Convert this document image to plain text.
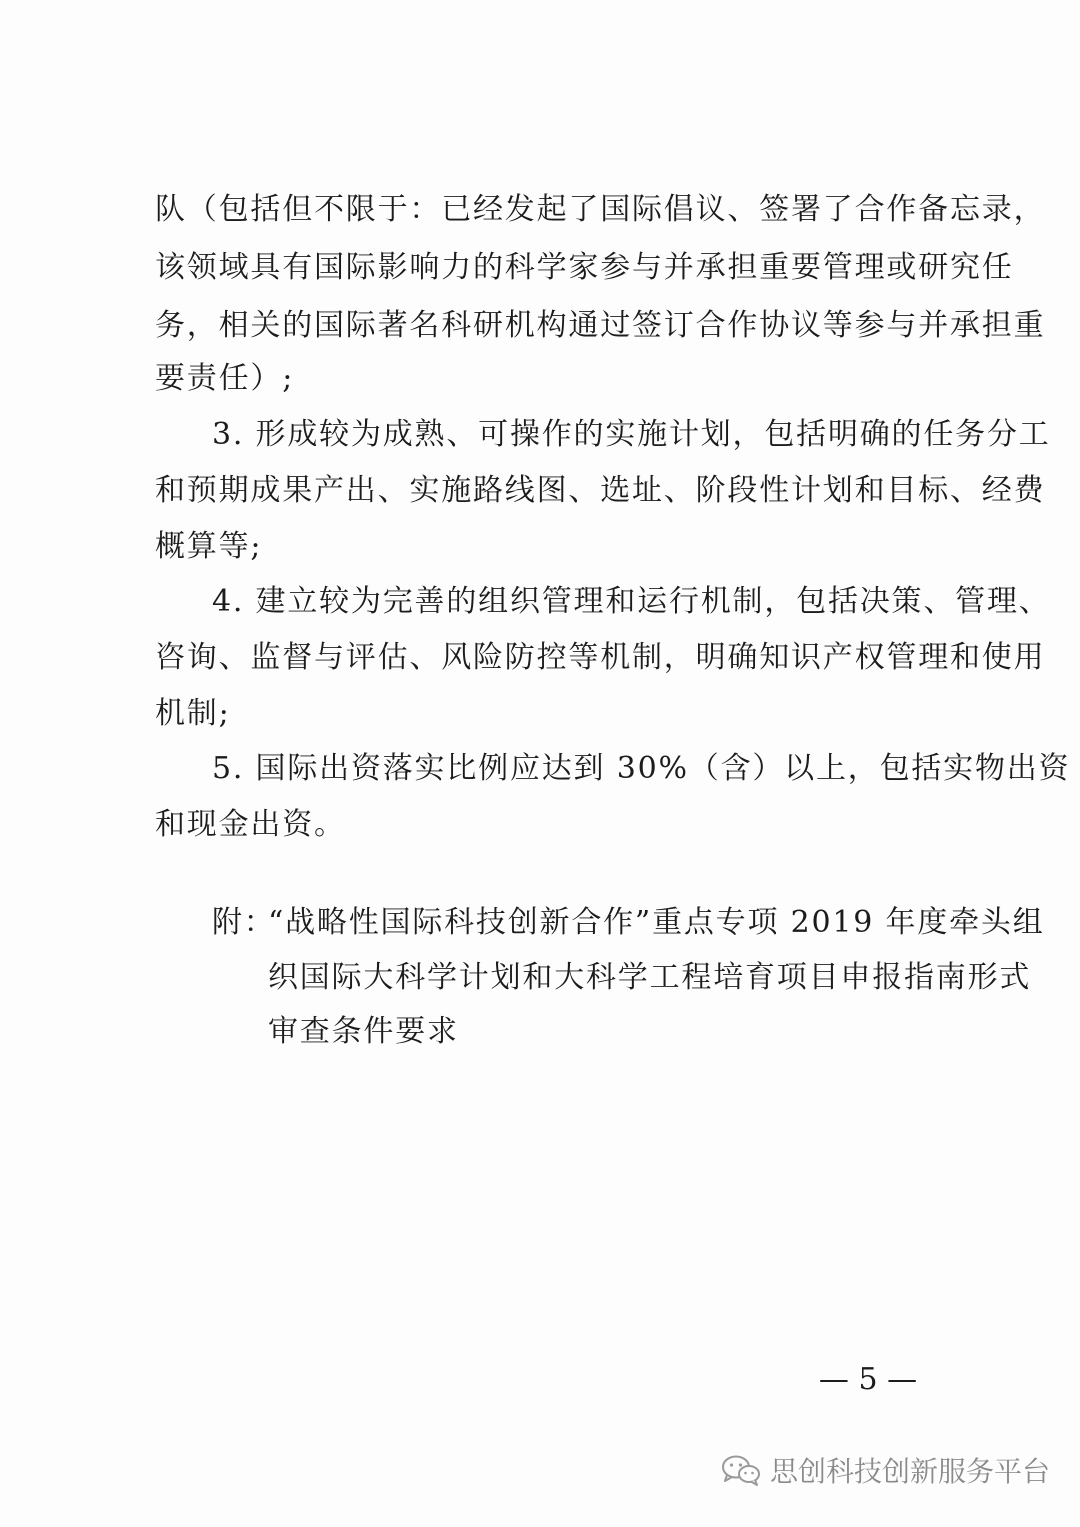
队（包括但不限于：已经发起了国际倡议、签署了合作备忘录，
该领域具有国际影响力的科学家参与并承担重要管理或研究任
务，相关的国际著名科研机构通过签订合作协议等参与并承担重
要责任）;
3. 形成较为成熟、可操作的实施计划，包括明确的任务分工
和预期成果产出、实施路线图、选址、阶段性计划和目标、经费
概算等;
4. 建立较为完善的组织管理和运行机制，包括决策、管理、
咨询、监督与评估、风险防控等机制，明确知识产权管理和使用
机制;
5. 国际出资落实比例应达到 30%（含）以上，包括实物出资
和现金出资。
附：
“战略性国际科技创新合作”重点专项 2019 年度牵头组
织国际大科学计划和大科学工程培育项目申报指南形式
审查条件要求
— 5 —
思创科技创新服务平台
